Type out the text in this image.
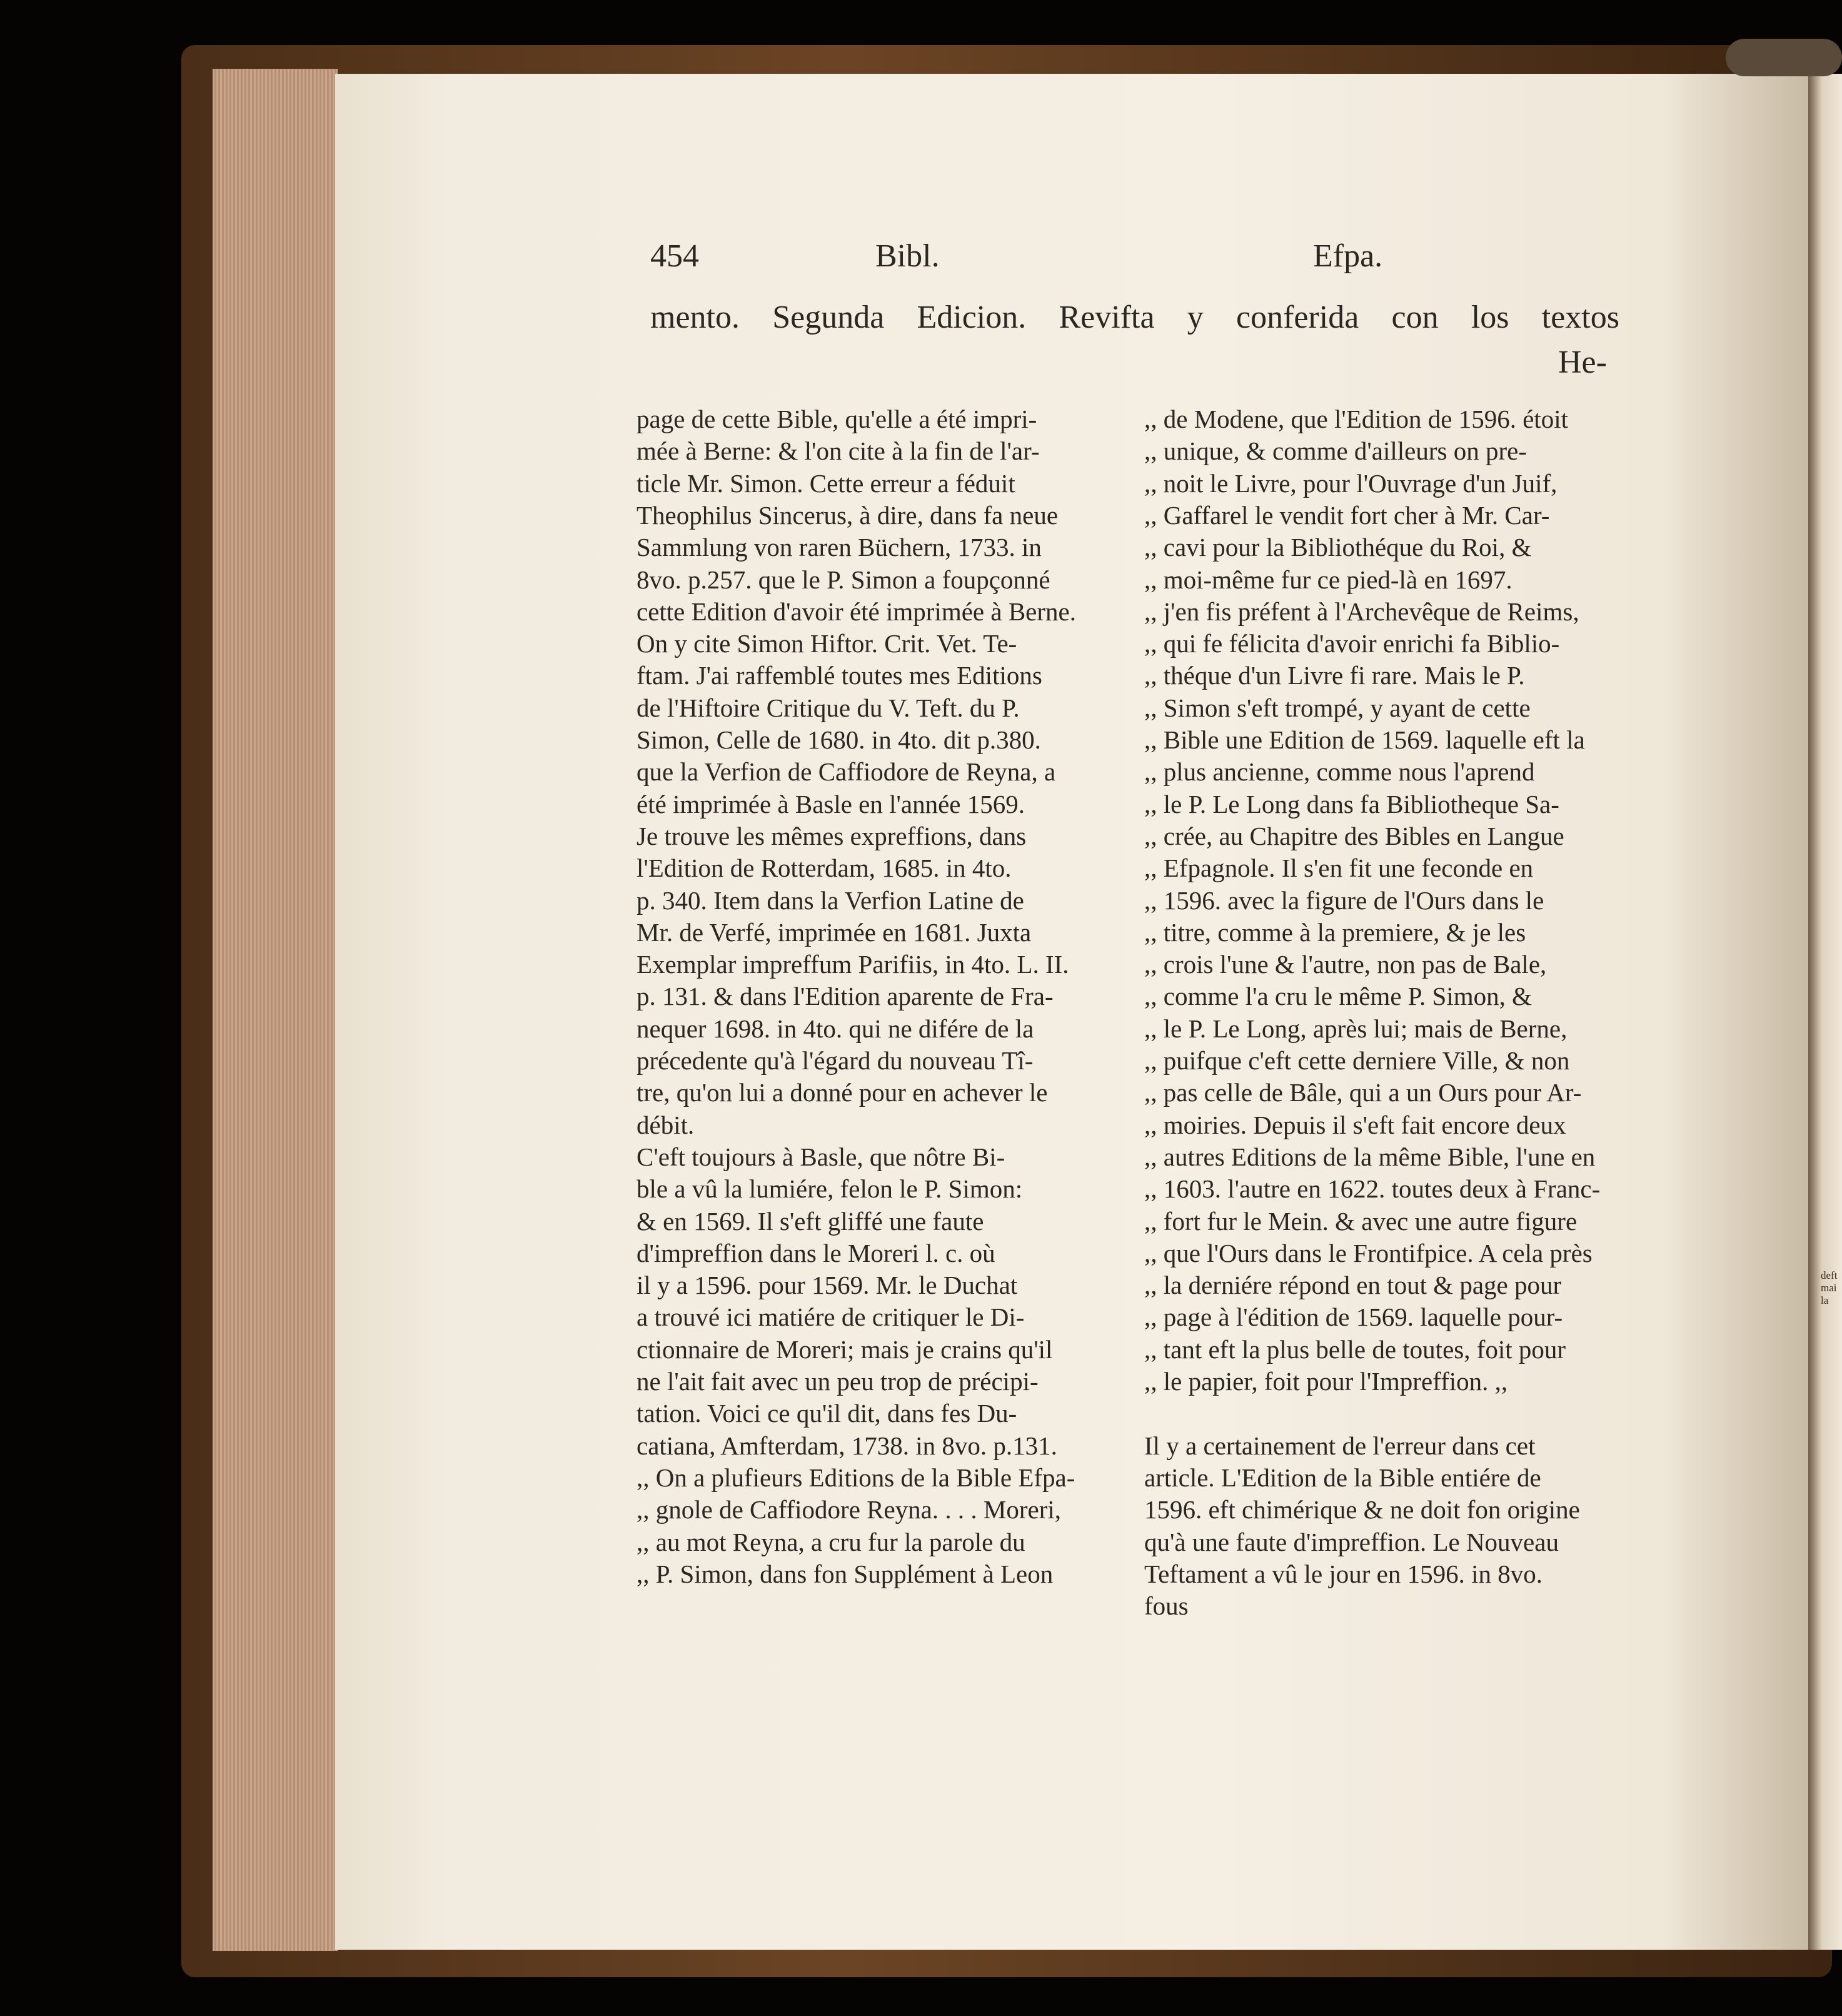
454	Bibl.	Efpa.
mento. Segunda Edicion. Revifta y conferida con los textos
He-
page de cette Bible, qu'elle a été impri-
mée à Berne: & l'on cite à la fin de l'ar-
ticle Mr. Simon. Cette erreur a féduit
Theophilus Sincerus, à dire, dans fa neue
Sammlung von raren Büchern, 1733. in
8vo. p.257. que le P. Simon a foupçonné
cette Edition d'avoir été imprimée à Berne.
On y cite Simon Hiftor. Crit. Vet. Te-
ftam. J'ai raffemblé toutes mes Editions
de l'Hiftoire Critique du V. Teft. du P.
Simon, Celle de 1680. in 4to. dit p.380.
que la Verfion de Caffiodore de Reyna, a
été imprimée à Basle en l'année 1569.
Je trouve les mêmes expreffions, dans
l'Edition de Rotterdam, 1685. in 4to.
p. 340. Item dans la Verfion Latine de
Mr. de Verfé, imprimée en 1681. Juxta
Exemplar impreffum Parifiis, in 4to. L. II.
p. 131. & dans l'Edition aparente de Fra-
nequer 1698. in 4to. qui ne difére de la
précedente qu'à l'égard du nouveau Tî-
tre, qu'on lui a donné pour en achever le
débit.
C'eft toujours à Basle, que nôtre Bi-
ble a vû la lumiére, felon le P. Simon:
& en 1569. Il s'eft gliffé une faute
d'impreffion dans le Moreri l. c. où
il y a 1596. pour 1569. Mr. le Duchat
a trouvé ici matiére de critiquer le Di-
ctionnaire de Moreri; mais je crains qu'il
ne l'ait fait avec un peu trop de précipi-
tation. Voici ce qu'il dit, dans fes Du-
catiana, Amfterdam, 1738. in 8vo. p.131.
,, On a plufieurs Editions de la Bible Efpa-
,, gnole de Caffiodore Reyna. . . . Moreri,
,, au mot Reyna, a cru fur la parole du
,, P. Simon, dans fon Supplément à Leon
,, de Modene, que l'Edition de 1596. étoit
,, unique, & comme d'ailleurs on pre-
,, noit le Livre, pour l'Ouvrage d'un Juif,
,, Gaffarel le vendit fort cher à Mr. Car-
,, cavi pour la Bibliothéque du Roi, &
,, moi-même fur ce pied-là en 1697.
,, j'en fis préfent à l'Archevêque de Reims,
,, qui fe félicita d'avoir enrichi fa Biblio-
,, théque d'un Livre fi rare. Mais le P.
,, Simon s'eft trompé, y ayant de cette
,, Bible une Edition de 1569. laquelle eft la
,, plus ancienne, comme nous l'aprend
,, le P. Le Long dans fa Bibliotheque Sa-
,, crée, au Chapitre des Bibles en Langue
,, Efpagnole. Il s'en fit une feconde en
,, 1596. avec la figure de l'Ours dans le
,, titre, comme à la premiere, & je les
,, crois l'une & l'autre, non pas de Bale,
,, comme l'a cru le même P. Simon, &
,, le P. Le Long, après lui; mais de Berne,
,, puifque c'eft cette derniere Ville, & non
,, pas celle de Bâle, qui a un Ours pour Ar-
,, moiries. Depuis il s'eft fait encore deux
,, autres Editions de la même Bible, l'une en
,, 1603. l'autre en 1622. toutes deux à Franc-
,, fort fur le Mein. & avec une autre figure
,, que l'Ours dans le Frontifpice. A cela près
,, la derniére répond en tout & page pour
,, page à l'édition de 1569. laquelle pour-
,, tant eft la plus belle de toutes, foit pour
,, le papier, foit pour l'Impreffion. ,,
Il y a certainement de l'erreur dans cet
article. L'Edition de la Bible entiére de
1596. eft chimérique & ne doit fon origine
qu'à une faute d'impreffion. Le Nouveau
Teftament a vû le jour en 1596. in 8vo.
fous
deft
mai
la
